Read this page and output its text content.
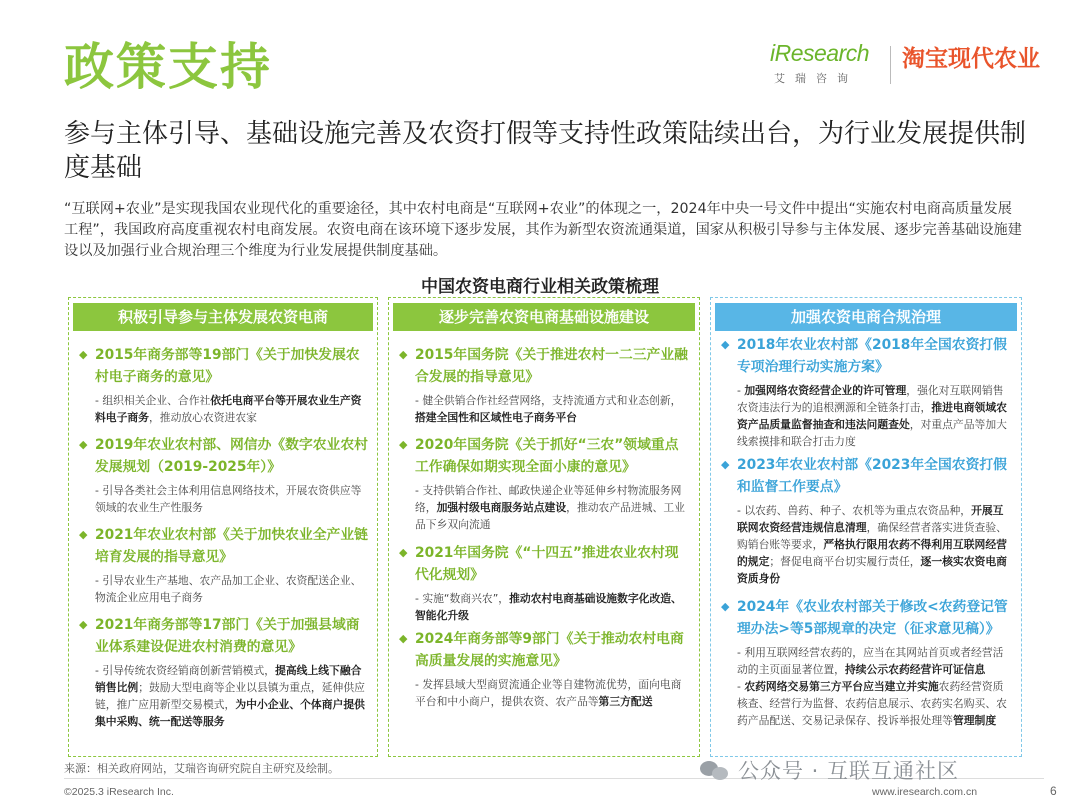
政策支持	iResearch
艾瑞咨询
淘宝现代农业
参与主体引导、基础设施完善及农资打假等支持性政策陆续出台，为行业发展提供制度基础
“互联网+农业”是实现我国农业现代化的重要途径，其中农村电商是“互联网+农业”的体现之一，2024年中央一号文件中提出“实施农村电商高质量发展工程”，我国政府高度重视农村电商发展。农资电商在该环境下逐步发展，其作为新型农资流通渠道，国家从积极引导参与主体发展、逐步完善基础设施建设以及加强行业合规治理三个维度为行业发展提供制度基础。
中国农资电商行业相关政策梳理
积极引导参与主体发展农资电商
◆ 2015年商务部等19部门《关于加快发展农村电子商务的意见》
- 组织相关企业、合作社依托电商平台等开展农业生产资料电子商务，推动放心农资进农家
◆ 2019年农业农村部、网信办《数字农业农村发展规划（2019-2025年）》
- 引导各类社会主体利用信息网络技术，开展农资供应等领域的农业生产性服务
◆ 2021年农业农村部《关于加快农业全产业链培育发展的指导意见》
- 引导农业生产基地、农产品加工企业、农资配送企业、物流企业应用电子商务
◆ 2021年商务部等17部门《关于加强县域商业体系建设促进农村消费的意见》
- 引导传统农资经销商创新营销模式，提高线上线下融合销售比例；鼓励大型电商等企业以县镇为重点，延伸供应链，推广应用新型交易模式，为中小企业、个体商户提供集中采购、统一配送等服务
逐步完善农资电商基础设施建设
◆ 2015年国务院《关于推进农村一二三产业融合发展的指导意见》
- 健全供销合作社经营网络，支持流通方式和业态创新，搭建全国性和区域性电子商务平台
◆ 2020年国务院《关于抓好“三农”领域重点工作确保如期实现全面小康的意见》
- 支持供销合作社、邮政快递企业等延伸乡村物流服务网络，加强村级电商服务站点建设，推动农产品进城、工业品下乡双向流通
◆ 2021年国务院《“十四五”推进农业农村现代化规划》
- 实施“数商兴农”，推动农村电商基础设施数字化改造、智能化升级
◆ 2024年商务部等9部门《关于推动农村电商高质量发展的实施意见》
- 发挥县域大型商贸流通企业等自建物流优势，面向电商平台和中小商户，提供农资、农产品等第三方配送
加强农资电商合规治理
◆ 2018年农业农村部《2018年全国农资打假专项治理行动实施方案》
- 加强网络农资经营企业的许可管理，强化对互联网销售农资违法行为的追根溯源和全链条打击，推进电商领域农资产品质量监督抽查和违法问题查处，对重点产品等加大线索摸排和联合打击力度
◆ 2023年农业农村部《2023年全国农资打假和监督工作要点》
- 以农药、兽药、种子、农机等为重点农资品种，开展互联网农资经营违规信息清理，确保经营者落实进货查验、购销台账等要求，严格执行限用农药不得利用互联网经营的规定；督促电商平台切实履行责任，逐一核实农资电商资质身份
◆ 2024年《农业农村部关于修改<农药登记管理办法>等5部规章的决定（征求意见稿）》
- 利用互联网经营农药的，应当在其网站首页或者经营活动的主页面显著位置，持续公示农药经营许可证信息
- 农药网络交易第三方平台应当建立并实施农药经营资质核查、经营行为监督、农药信息展示、农药实名购买、农药产品配送、交易记录保存、投诉举报处理等管理制度
来源：相关政府网站，艾瑞咨询研究院自主研究及绘制。
©2025.3 iResearch Inc.	www.iresearch.com.cn	6
公众号 · 互联互通社区
